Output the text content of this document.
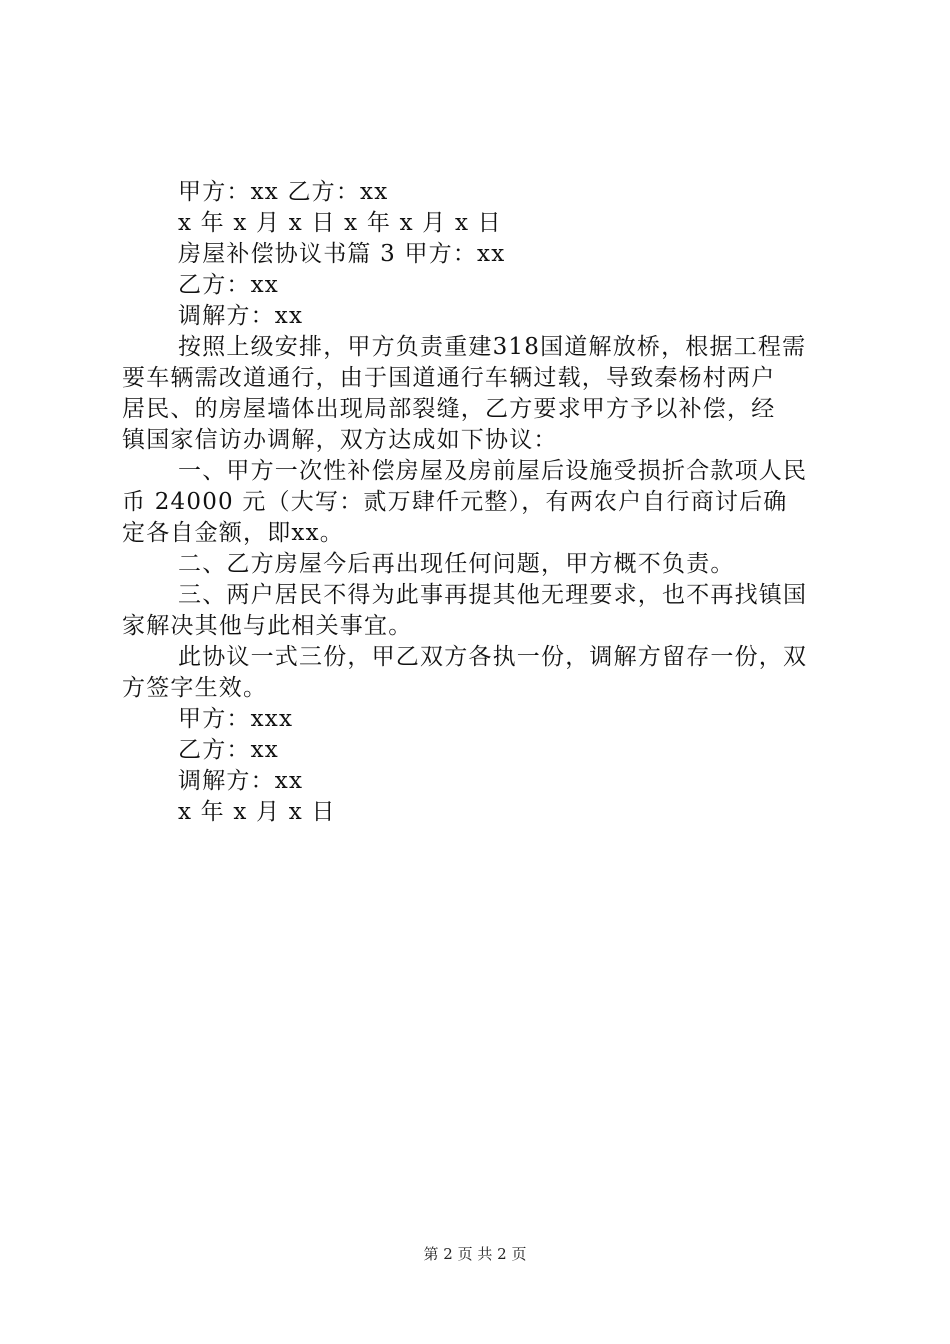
甲方：xx 乙方：xx
x 年 x 月 x 日 x 年 x 月 x 日
房屋补偿协议书篇 3 甲方：xx
乙方：xx
调解方：xx
按照上级安排，甲方负责重建318国道解放桥，根据工程需
要车辆需改道通行，由于国道通行车辆过载，导致秦杨村两户
居民、的房屋墙体出现局部裂缝，乙方要求甲方予以补偿，经
镇国家信访办调解，双方达成如下协议：
一、甲方一次性补偿房屋及房前屋后设施受损折合款项人民
币 24000 元（大写：贰万肆仟元整），有两农户自行商讨后确
定各自金额，即xx。
二、乙方房屋今后再出现任何问题，甲方概不负责。
三、两户居民不得为此事再提其他无理要求，也不再找镇国
家解决其他与此相关事宜。
此协议一式三份，甲乙双方各执一份，调解方留存一份，双
方签字生效。
甲方：xxx
乙方：xx
调解方：xx
x 年 x 月 x 日
第 2 页 共 2 页
